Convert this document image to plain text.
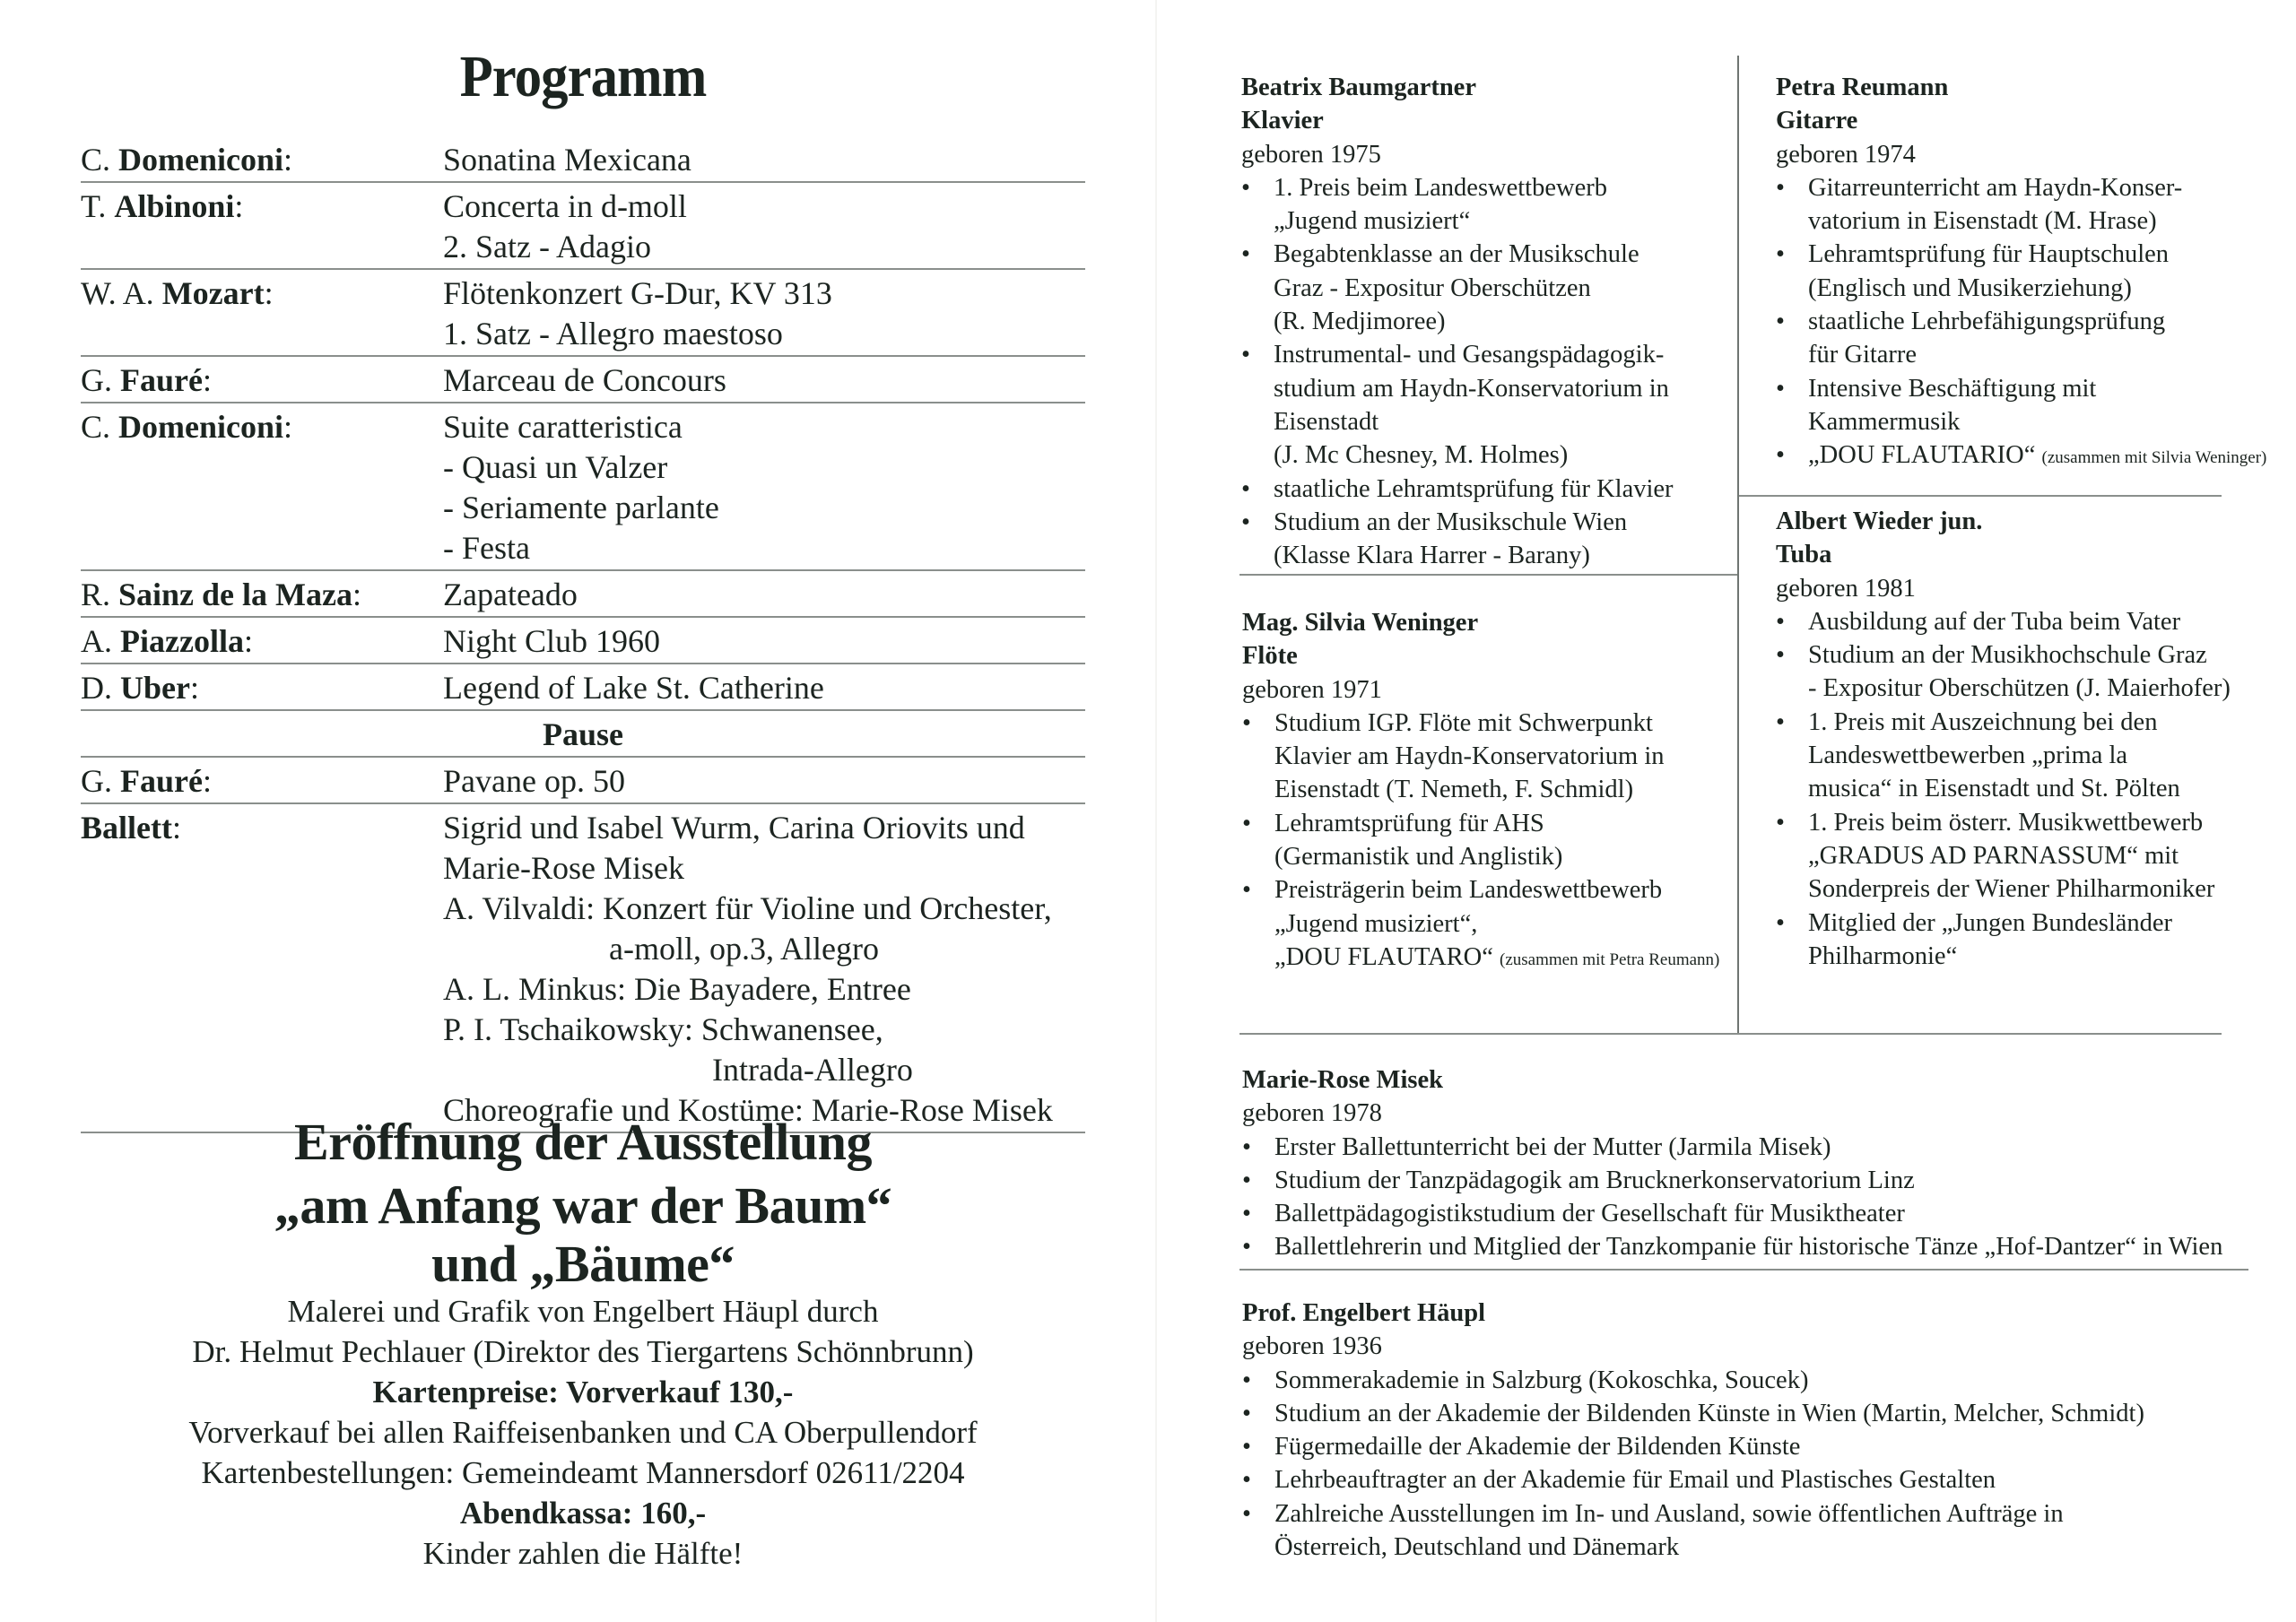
Programm
C. Domeniconi:	Sonatina Mexicana
T. Albinoni:	Concerta in d-moll
2. Satz - Adagio
W. A. Mozart:	Flötenkonzert G-Dur, KV 313
1. Satz - Allegro maestoso
G. Fauré:	Marceau de Concours
C. Domeniconi:	Suite caratteristica
- Quasi un Valzer
- Seriamente parlante
- Festa
R. Sainz de la Maza:	Zapateado
A. Piazzolla:	Night Club 1960
D. Uber:	Legend of Lake St. Catherine
Pause
G. Fauré:	Pavane op. 50
Ballett:	Sigrid und Isabel Wurm, Carina Oriovits und
Marie-Rose Misek
A. Vilvaldi: Konzert für Violine und Orchester,
a-moll, op.3, Allegro
A. L. Minkus: Die Bayadere, Entree
P. I. Tschaikowsky: Schwanensee,
Intrada-Allegro
Choreografie und Kostüme: Marie-Rose Misek
Eröffnung der Ausstellung
„am Anfang war der Baum“
und „Bäume“
Malerei und Grafik von Engelbert Häupl durch
Dr. Helmut Pechlauer (Direktor des Tiergartens Schönnbrunn)
Kartenpreise: Vorverkauf 130,-
Vorverkauf bei allen Raiffeisenbanken und CA Oberpullendorf
Kartenbestellungen: Gemeindeamt Mannersdorf 02611/2204
Abendkassa: 160,-
Kinder zahlen die Hälfte!
Beatrix Baumgartner
Klavier
geboren 1975
• 1. Preis beim Landeswettbewerb
„Jugend musiziert“
• Begabtenklasse an der Musikschule
Graz - Expositur Oberschützen
(R. Medjimoree)
• Instrumental- und Gesangspädagogik-
studium am Haydn-Konservatorium in
Eisenstadt
(J. Mc Chesney, M. Holmes)
• staatliche Lehramtsprüfung für Klavier
• Studium an der Musikschule Wien
(Klasse Klara Harrer - Barany)
Petra Reumann
Gitarre
geboren 1974
• Gitarreunterricht am Haydn-Konser-
vatorium in Eisenstadt (M. Hrase)
• Lehramtsprüfung für Hauptschulen
(Englisch und Musikerziehung)
• staatliche Lehrbefähigungsprüfung
für Gitarre
• Intensive Beschäftigung mit
Kammermusik
• „DOU FLAUTARIO“ (zusammen mit Silvia Weninger)
Mag. Silvia Weninger
Flöte
geboren 1971
• Studium IGP. Flöte mit Schwerpunkt
Klavier am Haydn-Konservatorium in
Eisenstadt (T. Nemeth, F. Schmidl)
• Lehramtsprüfung für AHS
(Germanistik und Anglistik)
• Preisträgerin beim Landeswettbewerb
„Jugend musiziert“,
„DOU FLAUTARO“ (zusammen mit Petra Reumann)
Albert Wieder jun.
Tuba
geboren 1981
• Ausbildung auf der Tuba beim Vater
• Studium an der Musikhochschule Graz
- Expositur Oberschützen (J. Maierhofer)
• 1. Preis mit Auszeichnung bei den
Landeswettbewerben „prima la
musica“ in Eisenstadt und St. Pölten
• 1. Preis beim österr. Musikwettbewerb
„GRADUS AD PARNASSUM“ mit
Sonderpreis der Wiener Philharmoniker
• Mitglied der „Jungen Bundesländer
Philharmonie“
Marie-Rose Misek
geboren 1978
• Erster Ballettunterricht bei der Mutter (Jarmila Misek)
• Studium der Tanzpädagogik am Brucknerkonservatorium Linz
• Ballettpädagogistikstudium der Gesellschaft für Musiktheater
• Ballettlehrerin und Mitglied der Tanzkompanie für historische Tänze „Hof-Dantzer“ in Wien
Prof. Engelbert Häupl
geboren 1936
• Sommerakademie in Salzburg (Kokoschka, Soucek)
• Studium an der Akademie der Bildenden Künste in Wien (Martin, Melcher, Schmidt)
• Fügermedaille der Akademie der Bildenden Künste
• Lehrbeauftragter an der Akademie für Email und Plastisches Gestalten
• Zahlreiche Ausstellungen im In- und Ausland, sowie öffentlichen Aufträge in
Österreich, Deutschland und Dänemark
